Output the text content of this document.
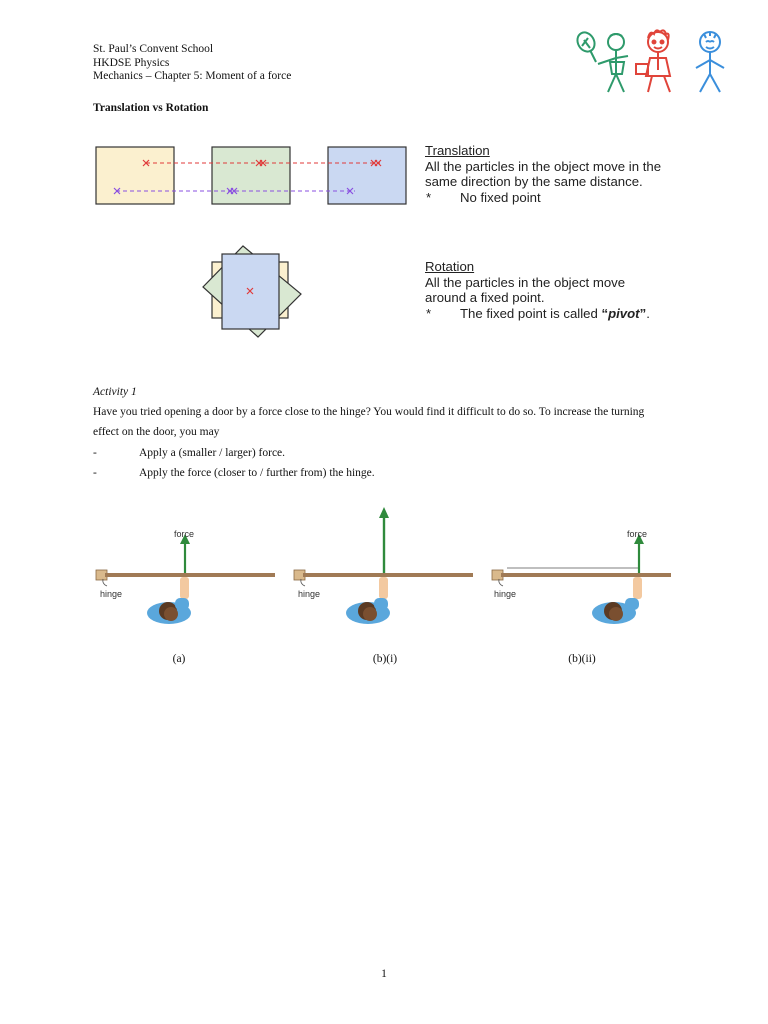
St. Paul’s Convent School
HKDSE Physics
Mechanics – Chapter 5: Moment of a force
Translation vs Rotation
Translation
All the particles in the object move in the
same direction by the same distance.
* No fixed point
Rotation
All the particles in the object move
around a fixed point.
* The fixed point is called “pivot”.
Activity 1
Have you tried opening a door by a force close to the hinge? You would find it difficult to do so. To increase the turning
effect on the door, you may
-	Apply a (smaller / larger) force.
-	Apply the force (closer to / further from) the hinge.
force
hinge
(a)
hinge
(b)(i)
force
hinge
(b)(ii)
1
